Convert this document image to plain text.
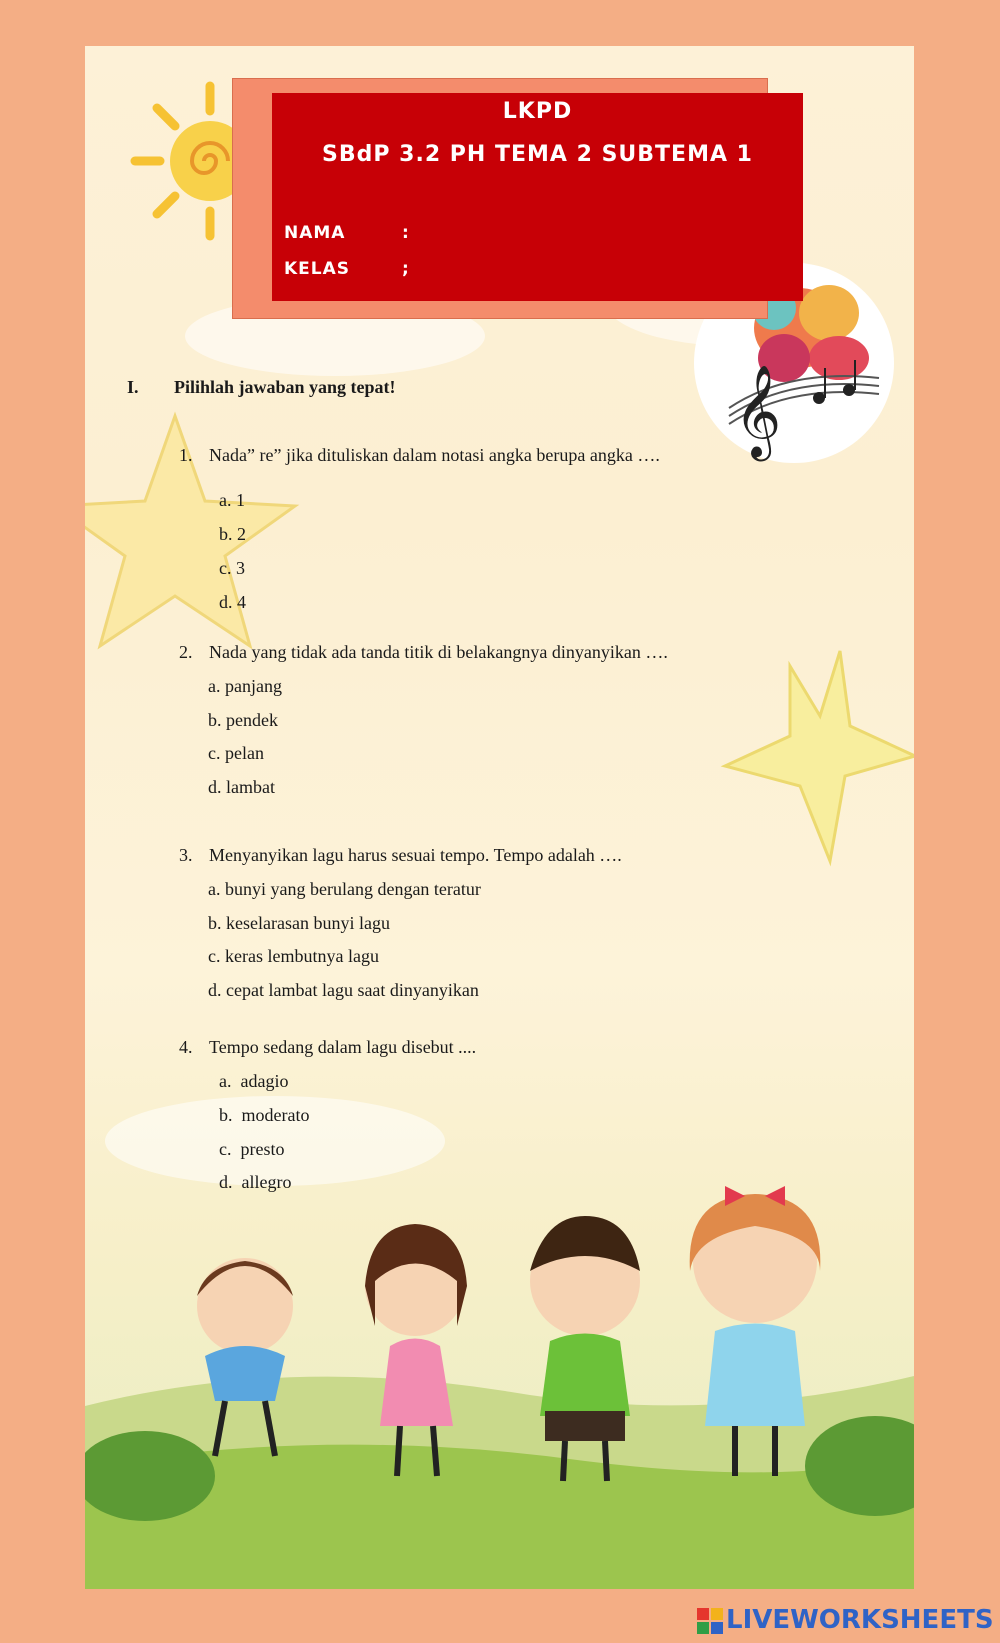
𝄞
LKPD
SBdP 3.2 PH TEMA 2 SUBTEMA 1
NAMA	:
KELAS	;
I. Pilihlah jawaban yang tepat!
1. Nada” re” jika dituliskan dalam notasi angka berupa angka ….
a. 1
b. 2
c. 3
d. 4
2. Nada yang tidak ada tanda titik di belakangnya dinyanyikan ….
a. panjang
b. pendek
c. pelan
d. lambat
3. Menyanyikan lagu harus sesuai tempo. Tempo adalah ….
a. bunyi yang berulang dengan teratur
b. keselarasan bunyi lagu
c. keras lembutnya lagu
d. cepat lambat lagu saat dinyanyikan
4. Tempo sedang dalam lagu disebut ....
a.  adagio
b.  moderato
c.  presto
d.  allegro
LIVEWORKSHEETS
